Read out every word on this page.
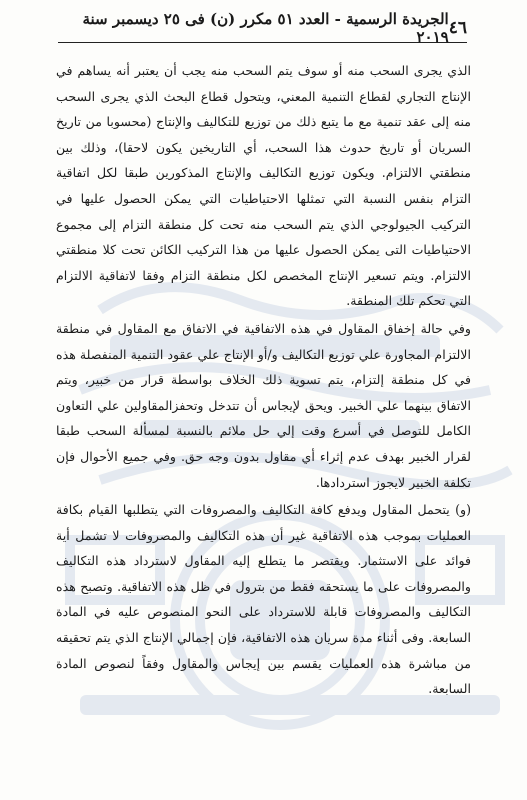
٤٦
الجريدة الرسمية - العدد ٥١ مكرر (ن) فى ٢٥ ديسمبر سنة ٢٠١٩

الذي يجرى السحب منه أو سوف يتم السحب منه يجب أن يعتبر أنه يساهم في الإنتاج التجاري لقطاع التنمية المعني، ويتحول قطاع البحث الذي يجرى السحب منه إلى عقد تنمية مع ما يتبع ذلك من توزيع للتكاليف والإنتاج (محسوبا من تاريخ السريان أو تاريخ حدوث هذا السحب، أي التاريخين يكون لاحقا)، وذلك بين منطقتي الالتزام. ويكون توزيع التكاليف والإنتاج المذكورين طبقا لكل اتفاقية التزام بنفس النسبة التي تمثلها الاحتياطيات التي يمكن الحصول عليها في التركيب الجيولوجي الذي يتم السحب منه تحت كل منطقة التزام إلى مجموع الاحتياطيات التى يمكن الحصول عليها من هذا التركيب الكائن تحت كلا منطقتي الالتزام. ويتم تسعير الإنتاج المخصص لكل منطقة التزام وفقا لاتفاقية الالتزام التي تحكم تلك المنطقة.

وفي حالة إخفاق المقاول في هذه الاتفاقية في الاتفاق مع المقاول في منطقة الالتزام المجاورة علي توزيع التكاليف و/أو الإنتاج علي عقود التنمية المنفصلة هذه في كل منطقة إلتزام، يتم تسوية ذلك الخلاف بواسطة قرار من خبير، ويتم الاتفاق بينهما علي الخبير. ويحق لإيجاس أن تتدخل وتحفزالمقاولين علي التعاون الكامل للتوصل في أسرع وقت إلي حل ملائم بالنسبة لمسألة السحب طبقا لقرار الخبير بهدف عدم إثراء أي مقاول بدون وجه حق. وفي جميع الأحوال فإن تكلفة الخبير لايجوز استردادها.

(و) يتحمل المقاول ويدفع كافة التكاليف والمصروفات التي يتطلبها القيام بكافة العمليات بموجب هذه الاتفاقية غير أن هذه التكاليف والمصروفات لا تشمل أية فوائد على الاستثمار. ويقتصر ما يتطلع إليه المقاول لاسترداد هذه التكاليف والمصروفات على ما يستحقه فقط من بترول في ظل هذه الاتفاقية. وتصبح هذه التكاليف والمصروفات قابلة للاسترداد على النحو المنصوص عليه في المادة السابعة. وفى أثناء مدة سريان هذه الاتفاقية، فإن إجمالي الإنتاج الذي يتم تحقيقه من مباشرة هذه العمليات يقسم بين إيجاس والمقاول وفقاً لنصوص المادة السابعة.
